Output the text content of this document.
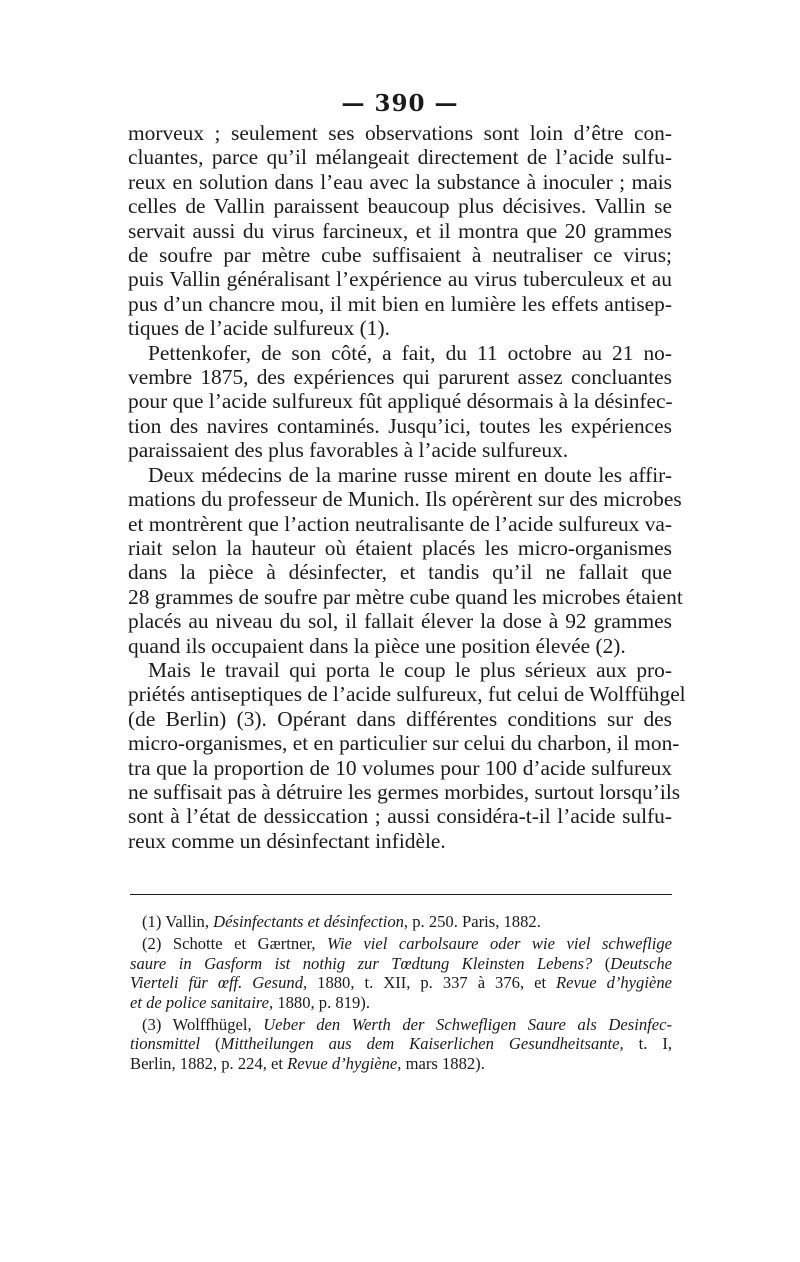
— 390 —
morveux ; seulement ses observations sont loin d’être con-
cluantes, parce qu’il mélangeait directement de l’acide sulfu-
reux en solution dans l’eau avec la substance à inoculer ; mais
celles de Vallin paraissent beaucoup plus décisives. Vallin se
servait aussi du virus farcineux, et il montra que 20 grammes
de soufre par mètre cube suffisaient à neutraliser ce virus;
puis Vallin généralisant l’expérience au virus tuberculeux et au
pus d’un chancre mou, il mit bien en lumière les effets antisep-
tiques de l’acide sulfureux (1).
Pettenkofer, de son côté, a fait, du 11 octobre au 21 no-
vembre 1875, des expériences qui parurent assez concluantes
pour que l’acide sulfureux fût appliqué désormais à la désinfec-
tion des navires contaminés. Jusqu’ici, toutes les expériences
paraissaient des plus favorables à l’acide sulfureux.
Deux médecins de la marine russe mirent en doute les affir-
mations du professeur de Munich. Ils opérèrent sur des microbes
et montrèrent que l’action neutralisante de l’acide sulfureux va-
riait selon la hauteur où étaient placés les micro-organismes
dans la pièce à désinfecter, et tandis qu’il ne fallait que
28 grammes de soufre par mètre cube quand les microbes étaient
placés au niveau du sol, il fallait élever la dose à 92 grammes
quand ils occupaient dans la pièce une position élevée (2).
Mais le travail qui porta le coup le plus sérieux aux pro-
priétés antiseptiques de l’acide sulfureux, fut celui de Wolffühgel
(de Berlin) (3). Opérant dans différentes conditions sur des
micro-organismes, et en particulier sur celui du charbon, il mon-
tra que la proportion de 10 volumes pour 100 d’acide sulfureux
ne suffisait pas à détruire les germes morbides, surtout lorsqu’ils
sont à l’état de dessiccation ; aussi considéra-t-il l’acide sulfu-
reux comme un désinfectant infidèle.
(1) Vallin, Désinfectants et désinfection, p. 250. Paris, 1882.
(2) Schotte et Gærtner, Wie viel carbolsaure oder wie viel schweflige
saure in Gasform ist nothig zur Tœdtung Kleinsten Lebens? (Deutsche
Vierteli für œff. Gesund, 1880, t. XII, p. 337 à 376, et Revue d’hygiène
et de police sanitaire, 1880, p. 819).
(3) Wolffhügel, Ueber den Werth der Schwefligen Saure als Desinfec-
tionsmittel (Mittheilungen aus dem Kaiserlichen Gesundheitsante, t. I,
Berlin, 1882, p. 224, et Revue d’hygiène, mars 1882).
